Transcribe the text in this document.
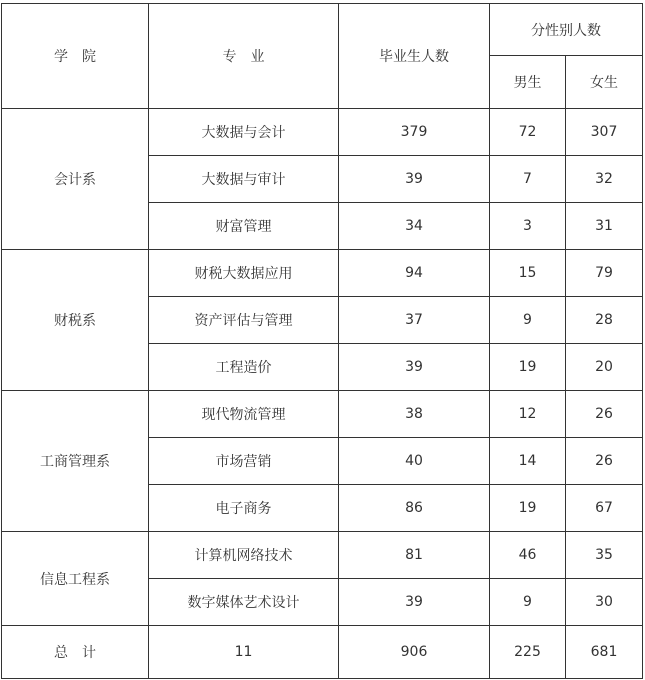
学　院	专　业	毕业生人数	分性别人数	
			男生	女生
会计系	大数据与会计	379	72	307
	大数据与审计	39	7	32
	财富管理	34	3	31
财税系	财税大数据应用	94	15	79
	资产评估与管理	37	9	28
	工程造价	39	19	20
工商管理系	现代物流管理	38	12	26
	市场营销	40	14	26
	电子商务	86	19	67
信息工程系	计算机网络技术	81	46	35
	数字媒体艺术设计	39	9	30
总　计	11	906	225	681
